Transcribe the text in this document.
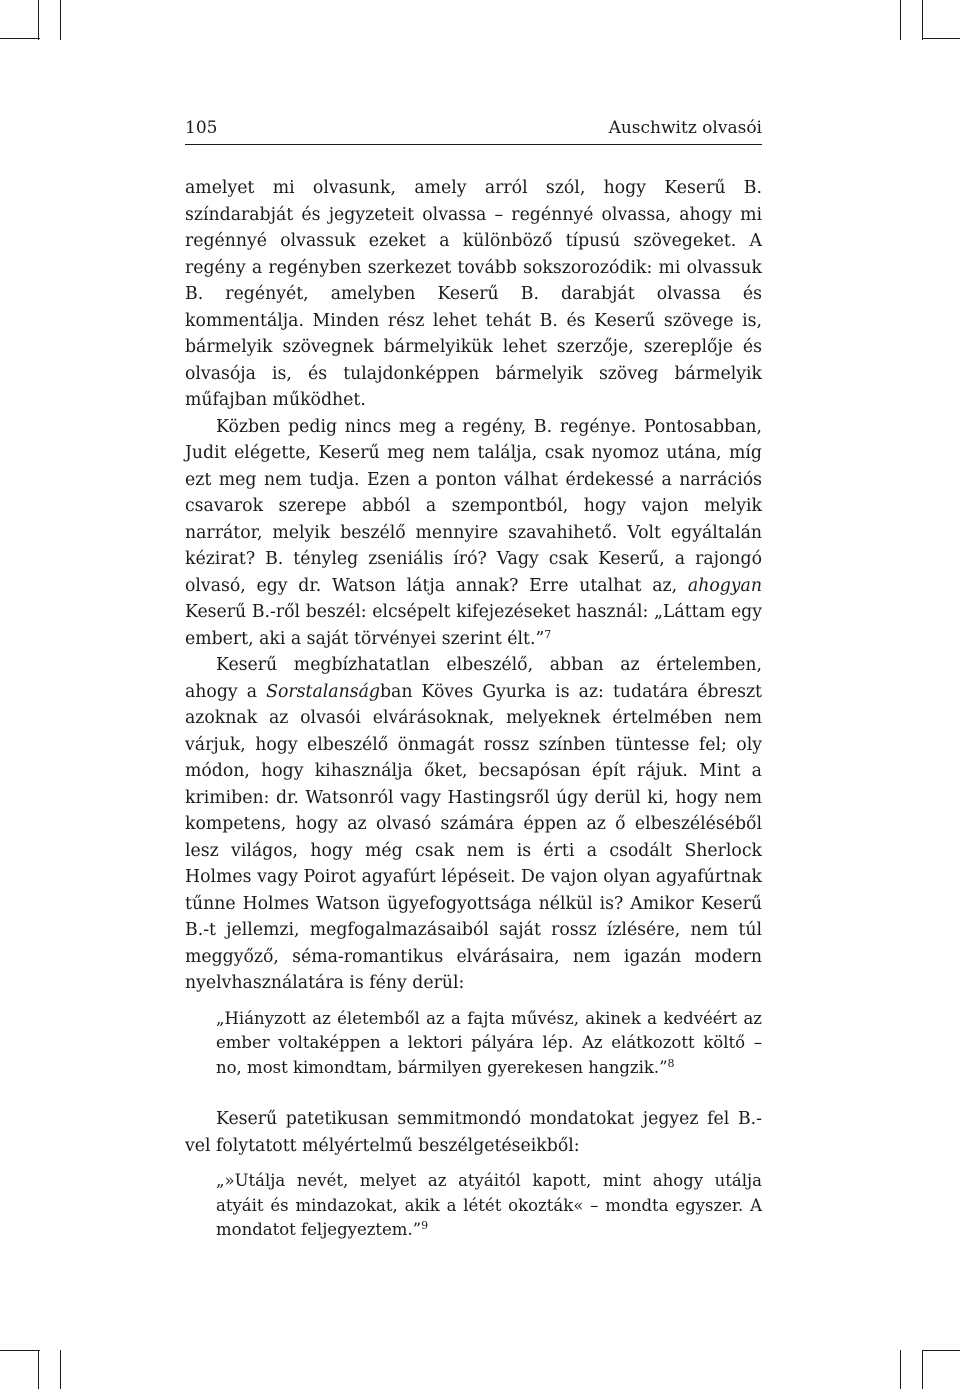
105	Auschwitz olvasói

amelyet mi olvasunk, amely arról szól, hogy Keserű B. színdarabját és jegyzeteit olvassa – regénnyé olvassa, ahogy mi regénnyé olvassuk ezeket a különböző típusú szövegeket. A regény a regényben szerkezet tovább sokszorozódik: mi olvassuk B. regényét, amelyben Keserű B. darabját olvassa és kommentálja. Minden rész lehet tehát B. és Keserű szövege is, bármelyik szövegnek bármelyikük lehet szerzője, szereplője és olvasója is, és tulajdonképpen bármelyik szöveg bármelyik műfajban működhet.

Közben pedig nincs meg a regény, B. regénye. Pontosabban, Judit elégette, Keserű meg nem találja, csak nyomoz utána, míg ezt meg nem tudja. Ezen a ponton válhat érdekessé a narrációs csavarok szerepe abból a szempontból, hogy vajon melyik narrátor, melyik beszélő mennyire szavahihető. Volt egyáltalán kézirat? B. tényleg zseniális író? Vagy csak Keserű, a rajongó olvasó, egy dr. Watson látja annak? Erre utalhat az, ahogyan Keserű B.-ről beszél: elcsépelt kifejezéseket használ: „Láttam egy embert, aki a saját törvényei szerint élt.”$^7$

Keserű megbízhatatlan elbeszélő, abban az értelemben, ahogy a Sorstalanságban Köves Gyurka is az: tudatára ébreszt azoknak az olvasói elvárásoknak, melyeknek értelmében nem várjuk, hogy elbeszélő önmagát rossz színben tüntesse fel; oly módon, hogy kihasználja őket, becsapósan épít rájuk. Mint a krimiben: dr. Watsonról vagy Hastingsről úgy derül ki, hogy nem kompetens, hogy az olvasó számára éppen az ő elbeszéléséből lesz világos, hogy még csak nem is érti a csodált Sherlock Holmes vagy Poirot agyafúrt lépéseit. De vajon olyan agyafúrtnak tűnne Holmes Watson ügyefogyottsága nélkül is? Amikor Keserű B.-t jellemzi, megfogalmazásaiból saját rossz ízlésére, nem túl meggyőző, séma-romantikus elvárásaira, nem igazán modern nyelvhasználatára is fény derül:

„Hiányzott az életemből az a fajta művész, akinek a kedvéért az ember voltaképpen a lektori pályára lép. Az elátkozott költő – no, most kimondtam, bármilyen gyerekesen hangzik.”$^8$

Keserű patetikusan semmitmondó mondatokat jegyez fel B.-vel folytatott mélyértelmű beszélgetéseikből:

„»Utálja nevét, melyet az atyáitól kapott, mint ahogy utálja atyáit és mindazokat, akik a létét okozták« – mondta egyszer. A mondatot feljegyeztem.”$^9$
